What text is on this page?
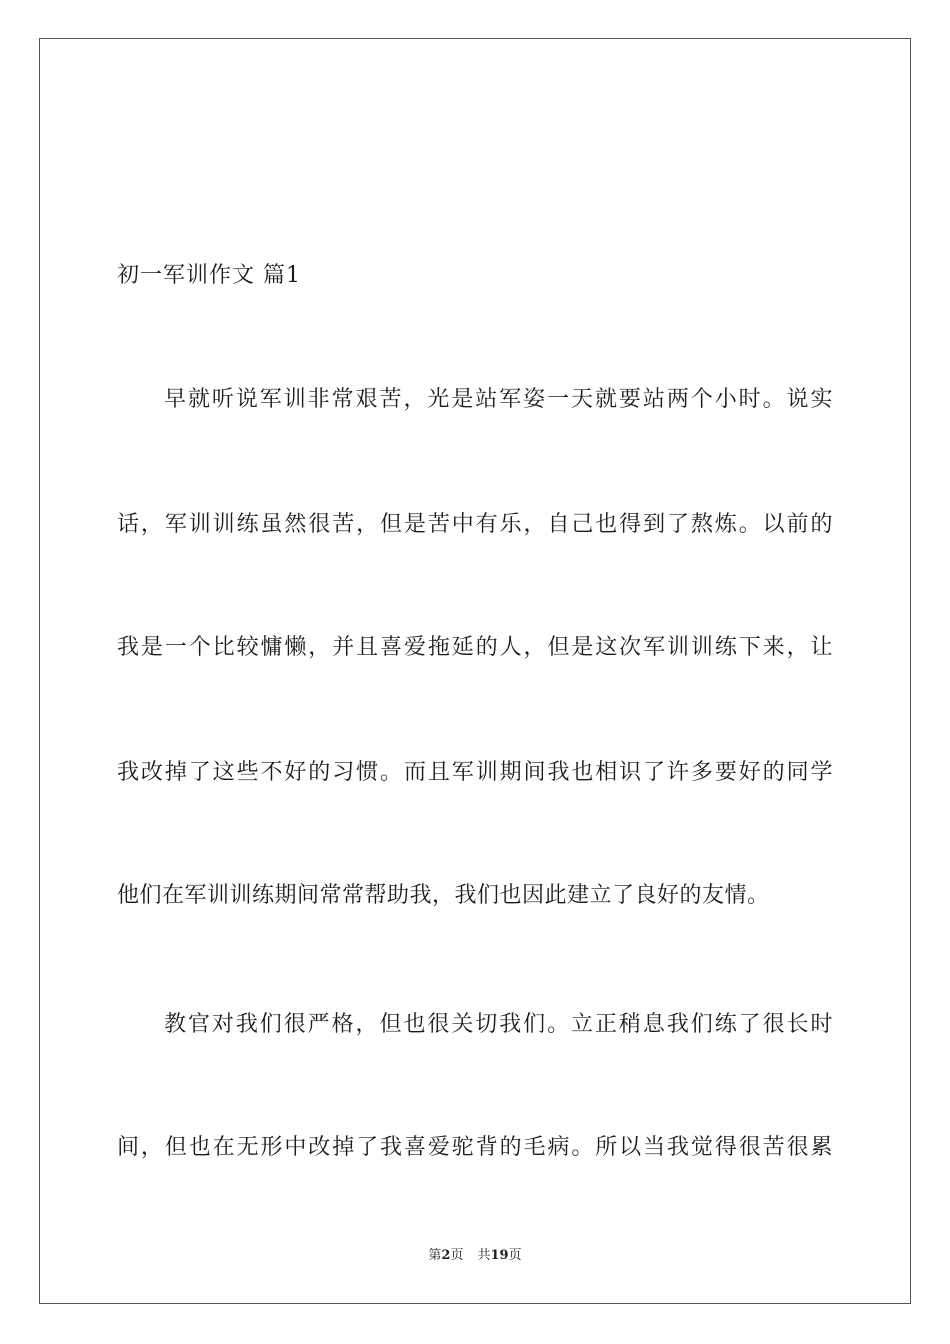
初一军训作文 篇1
早就听说军训非常艰苦，光是站军姿一天就要站两个小时。说实
话，军训训练虽然很苦，但是苦中有乐，自己也得到了熬炼。以前的
我是一个比较慵懒，并且喜爱拖延的人，但是这次军训训练下来，让
我改掉了这些不好的习惯。而且军训期间我也相识了许多要好的同学
他们在军训训练期间常常帮助我，我们也因此建立了良好的友情。
教官对我们很严格，但也很关切我们。立正稍息我们练了很长时
间，但也在无形中改掉了我喜爱驼背的毛病。所以当我觉得很苦很累
第2页 共19页
